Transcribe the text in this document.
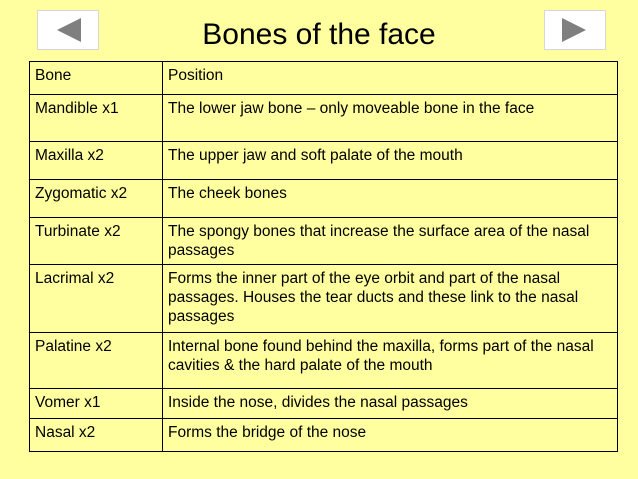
Bones of the face
Bone	Position
Mandible x1	The lower jaw bone – only moveable bone in the face
Maxilla x2	The upper jaw and soft palate of the mouth
Zygomatic x2	The cheek bones
Turbinate x2	The spongy bones that increase the surface area of the nasal passages
Lacrimal x2	Forms the inner part of the eye orbit and part of the nasal passages. Houses the tear ducts and these link to the nasal passages
Palatine x2	Internal bone found behind the maxilla, forms part of the nasal cavities & the hard palate of the mouth
Vomer x1	Inside the nose, divides the nasal passages
Nasal x2	Forms the bridge of the nose
